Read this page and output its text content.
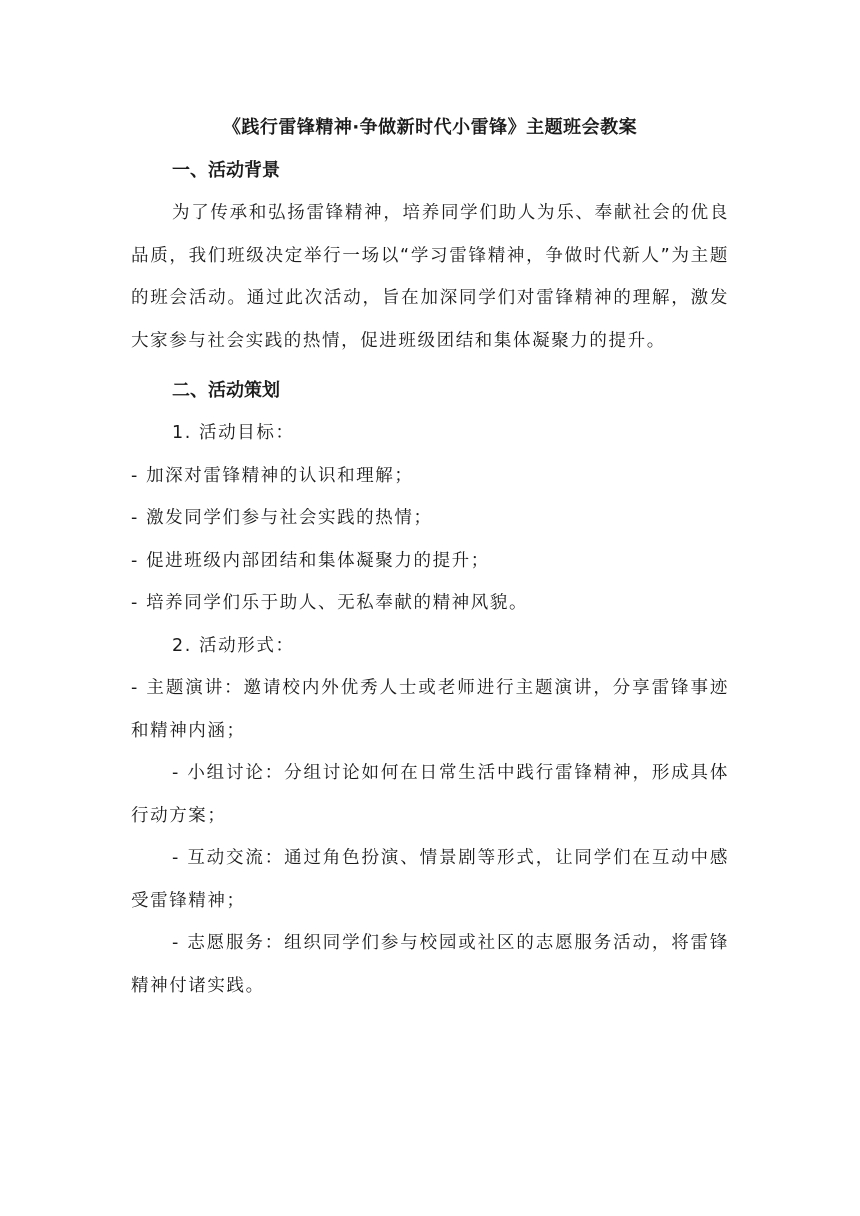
《践行雷锋精神·争做新时代小雷锋》主题班会教案

一、活动背景

为了传承和弘扬雷锋精神，培养同学们助人为乐、奉献社会的优良品质，我们班级决定举行一场以“学习雷锋精神，争做时代新人”为主题的班会活动。通过此次活动，旨在加深同学们对雷锋精神的理解，激发大家参与社会实践的热情，促进班级团结和集体凝聚力的提升。

二、活动策划

1. 活动目标：

- 加深对雷锋精神的认识和理解；

- 激发同学们参与社会实践的热情；

- 促进班级内部团结和集体凝聚力的提升；

- 培养同学们乐于助人、无私奉献的精神风貌。

2. 活动形式：

- 主题演讲：邀请校内外优秀人士或老师进行主题演讲，分享雷锋事迹和精神内涵；

- 小组讨论：分组讨论如何在日常生活中践行雷锋精神，形成具体行动方案；

- 互动交流：通过角色扮演、情景剧等形式，让同学们在互动中感受雷锋精神；

- 志愿服务：组织同学们参与校园或社区的志愿服务活动，将雷锋精神付诸实践。
